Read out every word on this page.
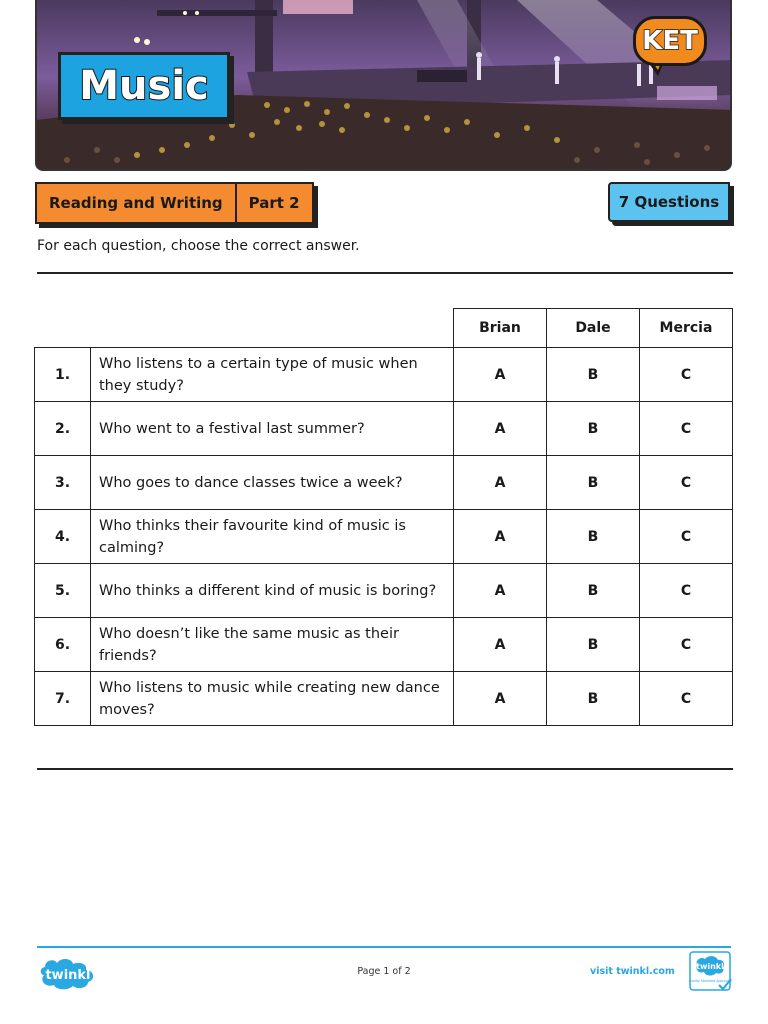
Music
KET
Reading and Writing	Part 2	7 Questions
For each question, choose the correct answer.
		Brian	Dale	Mercia
1.	Who listens to a certain type of music when they study?	A	B	C
2.	Who went to a festival last summer?	A	B	C
3.	Who goes to dance classes twice a week?	A	B	C
4.	Who thinks their favourite kind of music is calming?	A	B	C
5.	Who thinks a different kind of music is boring?	A	B	C
6.	Who doesn’t like the same music as their friends?	A	B	C
7.	Who listens to music while creating new dance moves?	A	B	C
twinkl	Page 1 of 2	visit twinkl.com	twinkl
Quality Standard Approved
